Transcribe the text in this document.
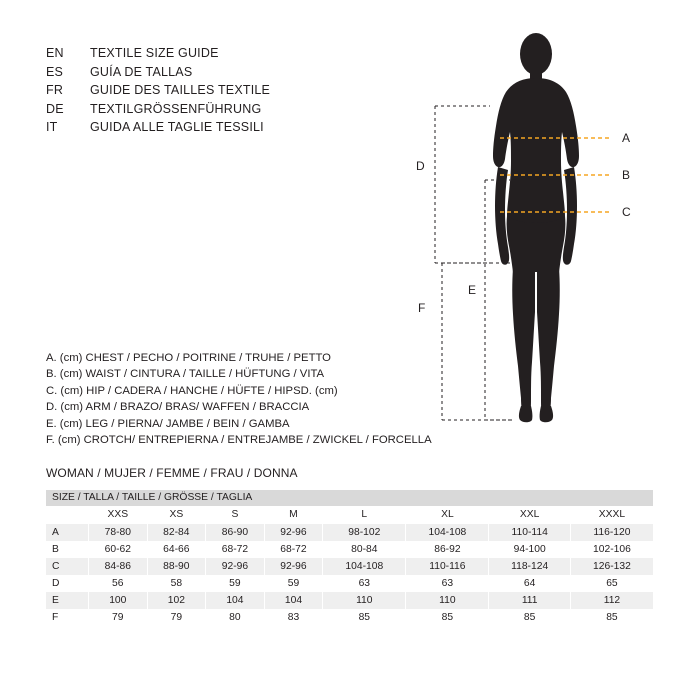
EN	TEXTILE SIZE GUIDE
ES	GUÍA DE TALLAS
FR	GUIDE DES TAILLES TEXTILE
DE	TEXTILGRÖSSENFÜHRUNG
IT	GUIDA ALLE TAGLIE TESSILI
A
B
C
D
E
F
A. (cm) CHEST / PECHO / POITRINE / TRUHE / PETTO
B. (cm) WAIST / CINTURA / TAILLE / HÜFTUNG / VITA
C. (cm) HIP / CADERA / HANCHE / HÜFTE / HIPSD. (cm)
D. (cm) ARM / BRAZO/ BRAS/ WAFFEN / BRACCIA
E. (cm) LEG / PIERNA/ JAMBE / BEIN / GAMBA
F. (cm) CROTCH/ ENTREPIERNA / ENTREJAMBE / ZWICKEL / FORCELLA
WOMAN / MUJER / FEMME / FRAU / DONNA
SIZE / TALLA / TAILLE / GRÖSSE / TAGLIA								
	XXS	XS	S	M	L	XL	XXL	XXXL
A	78-80	82-84	86-90	92-96	98-102	104-108	110-114	116-120
B	60-62	64-66	68-72	68-72	80-84	86-92	94-100	102-106
C	84-86	88-90	92-96	92-96	104-108	110-116	118-124	126-132
D	56	58	59	59	63	63	64	65
E	100	102	104	104	110	110	111	112
F	79	79	80	83	85	85	85	85
